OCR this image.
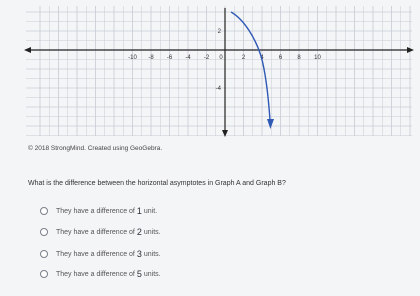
-10 -8 -6 -4 -2 0	2	4	6	8 10
2
-4
© 2018 StrongMind. Created using GeoGebra.
What is the difference between the horizontal asymptotes in Graph A and Graph B?
They have a difference of 1 unit.
They have a difference of 2 units.
They have a difference of 3 units.
They have a difference of 5 units.
